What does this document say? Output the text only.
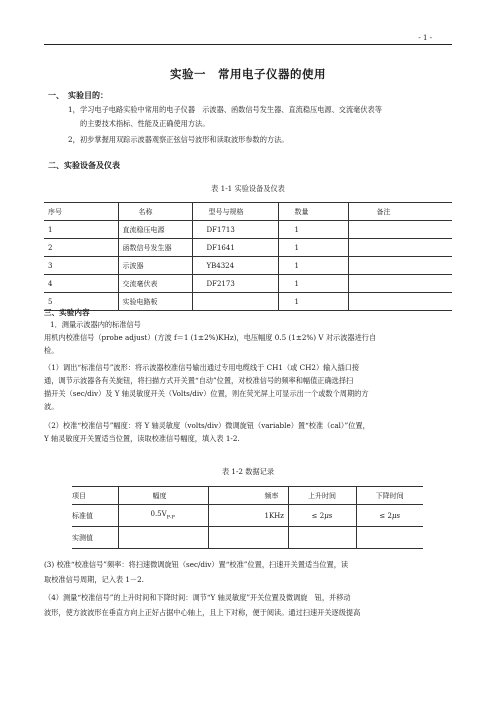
- 1 -
实验一　常用电子仪器的使用
一、　实验目的：
1， 学习电子电路实验中常用的电子仪器　示波器、函数信号发生器、直流稳压电源、交流毫伏表等
的主要技术指标、性能及正确使用方法。
2， 初步掌握用双踪示波器观察正弦信号波形和读取波形参数的方法。
二、实验设备及仪表
表 1-1 实验设备及仪表
序号	名称	型号与规格	数量	备注
1	直流稳压电源	DF1713	1	
2	函数信号发生器	DF1641	1	
3	示波器	YB4324	1	
4	交流毫伏表	DF2173	1	
5	实验电路板		1	
三、实验内容
1．测量示波器内的标准信号
用机内校准信号（probe adjust）(方波 f＝1 (1±2%)KHz)，电压幅度 0.5 (1±2%) V 对示波器进行自
检。
（1）调出“标准信号”波形：将示波器校准信号输出通过专用电缆线于 CH1（或 CH2）输入插口接
通，调节示波器各有关旋钮，将扫描方式开关置“自动”位置，对校准信号的频率和幅值正确选择扫
描开关（sec/div）及 Y 轴灵敏度开关（Volts/div）位置，则在荧光屏上可显示出一个或数个周期的方
波。
（2）校准“校准信号”幅度：将 Y 轴灵敏度（volts/div）微调旋钮（variable）置“校准（cal）”位置，
Y 轴灵敏度开关置适当位置，读取校准信号幅度，填入表 1-2.
表 1-2 数据记录
项目	幅度	频率	上升时间	下降时间
标准值	$0.5V_{P-P}$	1KHz	≤ 2μs	≤ 2μs
实测值				
(3) 校准“校准信号”频率：将扫速微调旋钮（sec/div）置“校准”位置，扫速开关置适当位置，读
取校准信号周期，记入表 1－2.
（4）测量“校准信号”的上升时间和下降时间：调节“Y 轴灵敏度”开关位置及微调旋　钮，并移动
波形，使方波波形在垂直方向上正好占据中心轴上，且上下对称，便于阅读。通过扫速开关逐级提高
